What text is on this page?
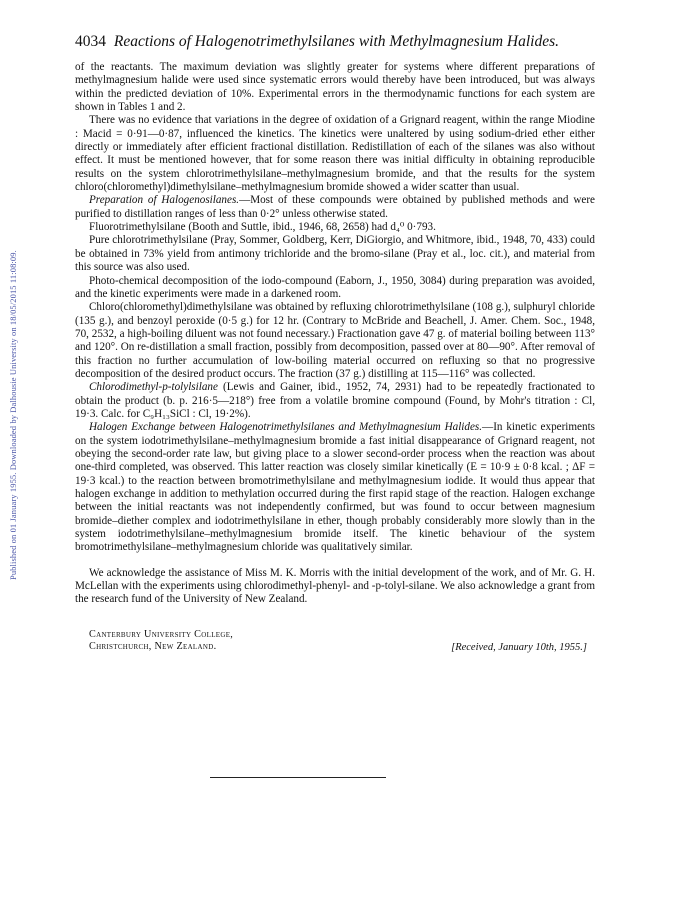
Published on 01 January 1955. Downloaded by Dalhousie University on 18/05/2015 11:08:09.
4034 Reactions of Halogenotrimethylsilanes with Methylmagnesium Halides.

of the reactants. The maximum deviation was slightly greater for systems where different preparations of methylmagnesium halide were used since systematic errors would thereby have been introduced, but was always within the predicted deviation of 10%. Experimental errors in the thermodynamic functions for each system are shown in Tables 1 and 2.

There was no evidence that variations in the degree of oxidation of a Grignard reagent, within the range Miodine : Macid = 0·91—0·87, influenced the kinetics. The kinetics were unaltered by using sodium-dried ether either directly or immediately after efficient fractional distillation. Redistillation of each of the silanes was also without effect. It must be mentioned however, that for some reason there was initial difficulty in obtaining reproducible results on the system chlorotrimethylsilane–methylmagnesium bromide, and that the results for the system chloro(chloromethyl)dimethylsilane–methylmagnesium bromide showed a wider scatter than usual.

Preparation of Halogenosilanes.—Most of these compounds were obtained by published methods and were purified to distillation ranges of less than 0·2° unless otherwise stated.

Fluorotrimethylsilane (Booth and Suttle, ibid., 1946, 68, 2658) had d₄⁰ 0·793.

Pure chlorotrimethylsilane (Pray, Sommer, Goldberg, Kerr, DiGiorgio, and Whitmore, ibid., 1948, 70, 433) could be obtained in 73% yield from antimony trichloride and the bromo-silane (Pray et al., loc. cit.), and material from this source was also used.

Photo-chemical decomposition of the iodo-compound (Eaborn, J., 1950, 3084) during preparation was avoided, and the kinetic experiments were made in a darkened room.

Chloro(chloromethyl)dimethylsilane was obtained by refluxing chlorotrimethylsilane (108 g.), sulphuryl chloride (135 g.), and benzoyl peroxide (0·5 g.) for 12 hr. (Contrary to McBride and Beachell, J. Amer. Chem. Soc., 1948, 70, 2532, a high-boiling diluent was not found necessary.) Fractionation gave 47 g. of material boiling between 113° and 120°. On re-distillation a small fraction, possibly from decomposition, passed over at 80—90°. After removal of this fraction no further accumulation of low-boiling material occurred on refluxing so that no progressive decomposition of the desired product occurs. The fraction (37 g.) distilling at 115—116° was collected.

Chlorodimethyl-p-tolylsilane (Lewis and Gainer, ibid., 1952, 74, 2931) had to be repeatedly fractionated to obtain the product (b. p. 216·5—218°) free from a volatile bromine compound (Found, by Mohr's titration : Cl, 19·3. Calc. for C₉H₁₃SiCl : Cl, 19·2%).

Halogen Exchange between Halogenotrimethylsilanes and Methylmagnesium Halides.—In kinetic experiments on the system iodotrimethylsilane–methylmagnesium bromide a fast initial disappearance of Grignard reagent, not obeying the second-order rate law, but giving place to a slower second-order process when the reaction was about one-third completed, was observed. This latter reaction was closely similar kinetically (E = 10·9 ± 0·8 kcal. ; ΔF = 19·3 kcal.) to the reaction between bromotrimethylsilane and methylmagnesium iodide. It would thus appear that halogen exchange in addition to methylation occurred during the first rapid stage of the reaction. Halogen exchange between the initial reactants was not independently confirmed, but was found to occur between magnesium bromide–diether complex and iodotrimethylsilane in ether, though probably considerably more slowly than in the system iodotrimethylsilane–methylmagnesium bromide itself. The kinetic behaviour of the system bromotrimethylsilane–methylmagnesium chloride was qualitatively similar.

We acknowledge the assistance of Miss M. K. Morris with the initial development of the work, and of Mr. G. H. McLellan with the experiments using chlorodimethyl-phenyl- and -p-tolyl-silane. We also acknowledge a grant from the research fund of the University of New Zealand.

Canterbury University College,
Christchurch, New Zealand.	[Received, January 10th, 1955.]
